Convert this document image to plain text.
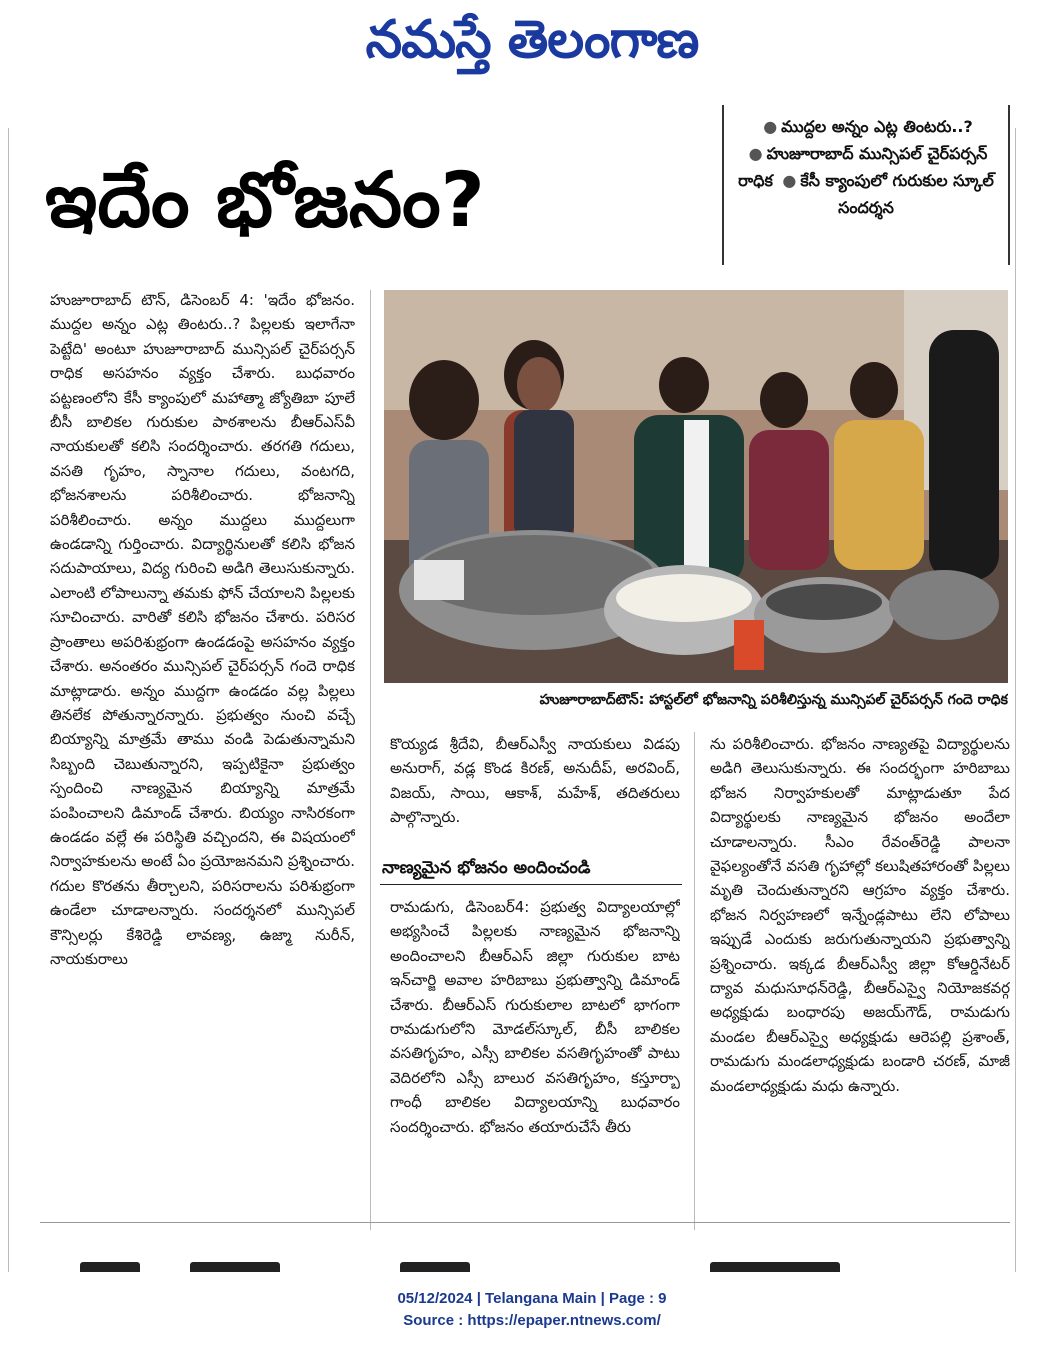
నమస్తే తెలంగాణ
ఇదేం భోజనం?
● ముద్దల అన్నం ఎట్ల తింటరు..? ● హుజూరాబాద్ మున్సిపల్ చైర్‌పర్సన్ రాధిక ● కేసీ క్యాంపులో గురుకుల స్కూల్ సందర్శన

హుజూరాబాద్ టౌన్, డిసెంబర్ 4: 'ఇదేం భోజనం. ముద్దల అన్నం ఎట్ల తింటరు..? పిల్లలకు ఇలాగేనా పెట్టేది' అంటూ హుజూరాబాద్ మున్సిపల్ చైర్‌పర్సన్ రాధిక అసహనం వ్యక్తం చేశారు. బుధవారం పట్టణంలోని కేసీ క్యాంపులో మహాత్మా జ్యోతిబా పూలే బీసీ బాలికల గురుకుల పాఠశాలను బీఆర్‌ఎస్‌వీ నాయకులతో కలిసి సందర్శించారు. తరగతి గదులు, వసతి గృహం, స్నానాల గదులు, వంటగది, భోజనశాలను పరిశీలించారు. భోజనాన్ని పరిశీలించారు. అన్నం ముద్దలు ముద్దలుగా ఉండడాన్ని గుర్తించారు. విద్యార్థినులతో కలిసి భోజన సదుపాయాలు, విద్య గురించి అడిగి తెలుసుకున్నారు. ఎలాంటి లోపాలున్నా తమకు ఫోన్ చేయాలని పిల్లలకు సూచించారు. వారితో కలిసి భోజనం చేశారు. పరిసర ప్రాంతాలు అపరిశుభ్రంగా ఉండడంపై అసహనం వ్యక్తం చేశారు. అనంతరం మున్సిపల్ చైర్‌పర్సన్ గందె రాధిక మాట్లాడారు. అన్నం ముద్దగా ఉండడం వల్ల పిల్లలు తినలేక పోతున్నారన్నారు. ప్రభుత్వం నుంచి వచ్చే బియ్యాన్ని మాత్రమే తాము వండి పెడుతున్నామని సిబ్బంది చెబుతున్నారని, ఇప్పటికైనా ప్రభుత్వం స్పందించి నాణ్యమైన బియ్యాన్ని మాత్రమే పంపించాలని డిమాండ్ చేశారు. బియ్యం నాసిరకంగా ఉండడం వల్లే ఈ పరిస్థితి వచ్చిందని, ఈ విషయంలో నిర్వాహకులను అంటే ఏం ప్రయోజనమని ప్రశ్నించారు. గదుల కొరతను తీర్చాలని, పరిసరాలను పరిశుభ్రంగా ఉండేలా చూడాలన్నారు. సందర్శనలో మున్సిపల్ కౌన్సిలర్లు కేశిరెడ్డి లావణ్య, ఉజ్మా నురీన్, నాయకురాలు

హుజూరాబాద్‌టౌన్: హాస్టల్‌లో భోజనాన్ని పరిశీలిస్తున్న మున్సిపల్ చైర్‌పర్సన్ గందె రాధిక

కొయ్యడ శ్రీదేవి, బీఆర్‌ఎస్వీ నాయకులు విడపు అనురాగ్, వడ్ల కొండ కిరణ్, అనుదీప్, అరవింద్, విజయ్, సాయి, ఆకాశ్, మహేశ్, తదితరులు పాల్గొన్నారు.

నాణ్యమైన భోజనం అందించండి

రామడుగు, డిసెంబర్4: ప్రభుత్వ విద్యాలయాల్లో అభ్యసించే పిల్లలకు నాణ్యమైన భోజనాన్ని అందించాలని బీఆర్‌ఎస్ జిల్లా గురుకుల బాట ఇన్‌చార్జి అవాల హరిబాబు ప్రభుత్వాన్ని డిమాండ్ చేశారు. బీఆర్‌ఎస్ గురుకులాల బాటలో భాగంగా రామడుగులోని మోడల్‌స్కూల్, బీసీ బాలికల వసతిగృహం, ఎస్సీ బాలికల వసతిగృహంతో పాటు వెదిరలోని ఎస్సీ బాలుర వసతిగృహం, కస్తూర్బా గాంధీ బాలికల విద్యాలయాన్ని బుధవారం సందర్శించారు. భోజనం తయారుచేసే తీరు

ను పరిశీలించారు. భోజనం నాణ్యతపై విద్యార్థులను అడిగి తెలుసుకున్నారు. ఈ సందర్భంగా హరిబాబు భోజన నిర్వాహకులతో మాట్లాడుతూ పేద విద్యార్థులకు నాణ్యమైన భోజనం అందేలా చూడాలన్నారు. సీఎం రేవంత్‌రెడ్డి పాలనా వైఫల్యంతోనే వసతి గృహాల్లో కలుషితహారంతో పిల్లలు మృతి చెందుతున్నారని ఆగ్రహం వ్యక్తం చేశారు. భోజన నిర్వహణలో ఇన్నేండ్లపాటు లేని లోపాలు ఇప్పుడే ఎందుకు జరుగుతున్నాయని ప్రభుత్వాన్ని ప్రశ్నించారు. ఇక్కడ బీఆర్‌ఎస్వీ జిల్లా కోఆర్డినేటర్ ద్యావ మధుసూధన్‌రెడ్డి, బీఆర్‌ఎస్వై నియోజకవర్గ అధ్యక్షుడు బంధారపు అజయ్‌గౌడ్, రామడుగు మండల బీఆర్‌ఎస్వై అధ్యక్షుడు ఆరెపల్లి ప్రశాంత్, రామడుగు మండలాధ్యక్షుడు బండారి చరణ్, మాజీ మండలాధ్యక్షుడు మధు ఉన్నారు.

05/12/2024 | Telangana Main | Page : 9
Source : https://epaper.ntnews.com/
